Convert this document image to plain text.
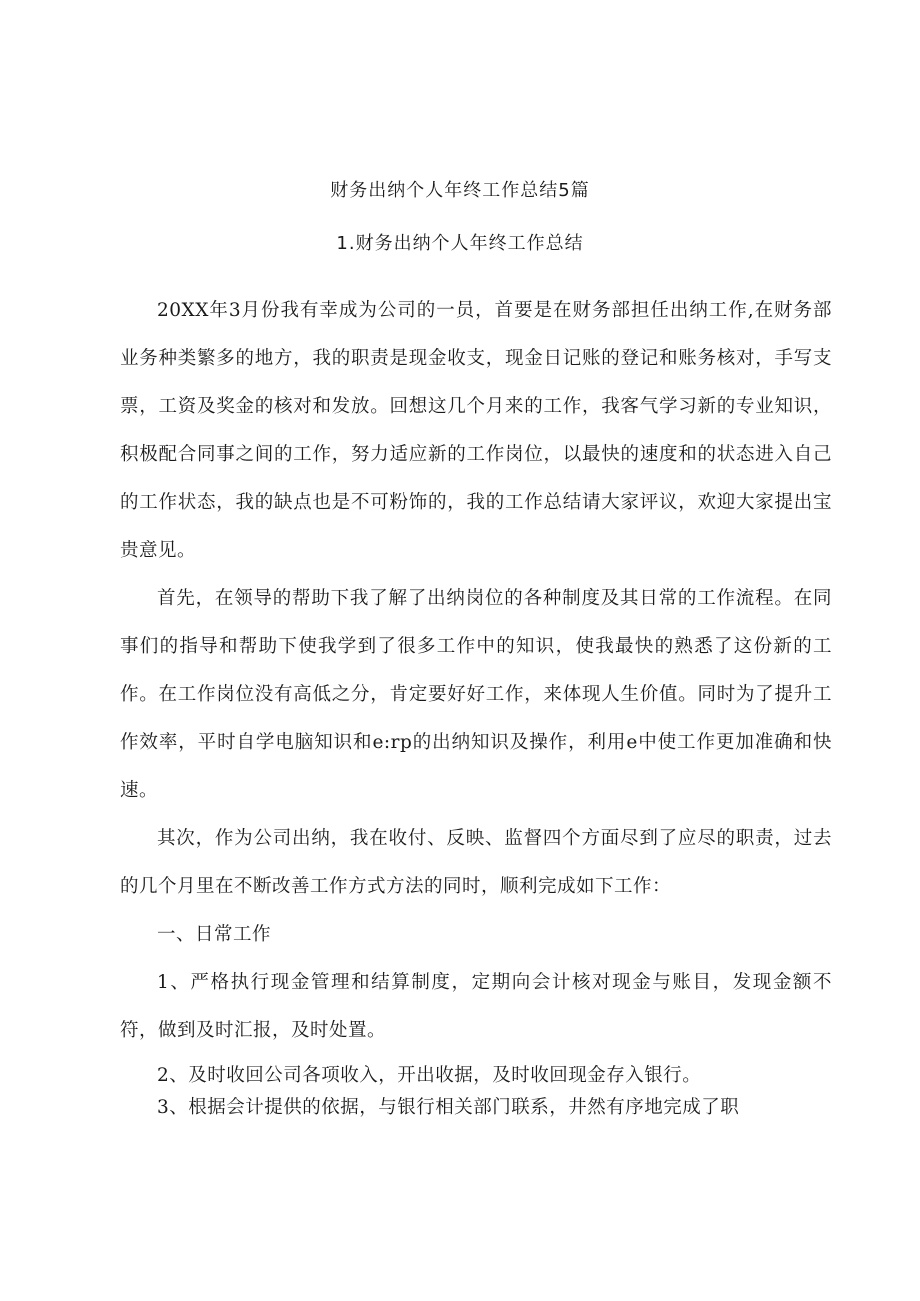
财务出纳个人年终工作总结5篇
1.财务出纳个人年终工作总结

20XX年3月份我有幸成为公司的一员，首要是在财务部担任出纳工作,在财务部业务种类繁多的地方，我的职责是现金收支，现金日记账的登记和账务核对，手写支票，工资及奖金的核对和发放。回想这几个月来的工作，我客气学习新的专业知识，积极配合同事之间的工作，努力适应新的工作岗位，以最快的速度和的状态进入自己的工作状态，我的缺点也是不可粉饰的，我的工作总结请大家评议，欢迎大家提出宝贵意见。

首先，在领导的帮助下我了解了出纳岗位的各种制度及其日常的工作流程。在同事们的指导和帮助下使我学到了很多工作中的知识，使我最快的熟悉了这份新的工作。在工作岗位没有高低之分，肯定要好好工作，来体现人生价值。同时为了提升工作效率，平时自学电脑知识和e:rp的出纳知识及操作，利用e中使工作更加准确和快速。

其次，作为公司出纳，我在收付、反映、监督四个方面尽到了应尽的职责，过去的几个月里在不断改善工作方式方法的同时，顺利完成如下工作：

一、日常工作

1、严格执行现金管理和结算制度，定期向会计核对现金与账目，发现金额不符，做到及时汇报，及时处置。

2、及时收回公司各项收入，开出收据，及时收回现金存入银行。

3、根据会计提供的依据，与银行相关部门联系，井然有序地完成了职
